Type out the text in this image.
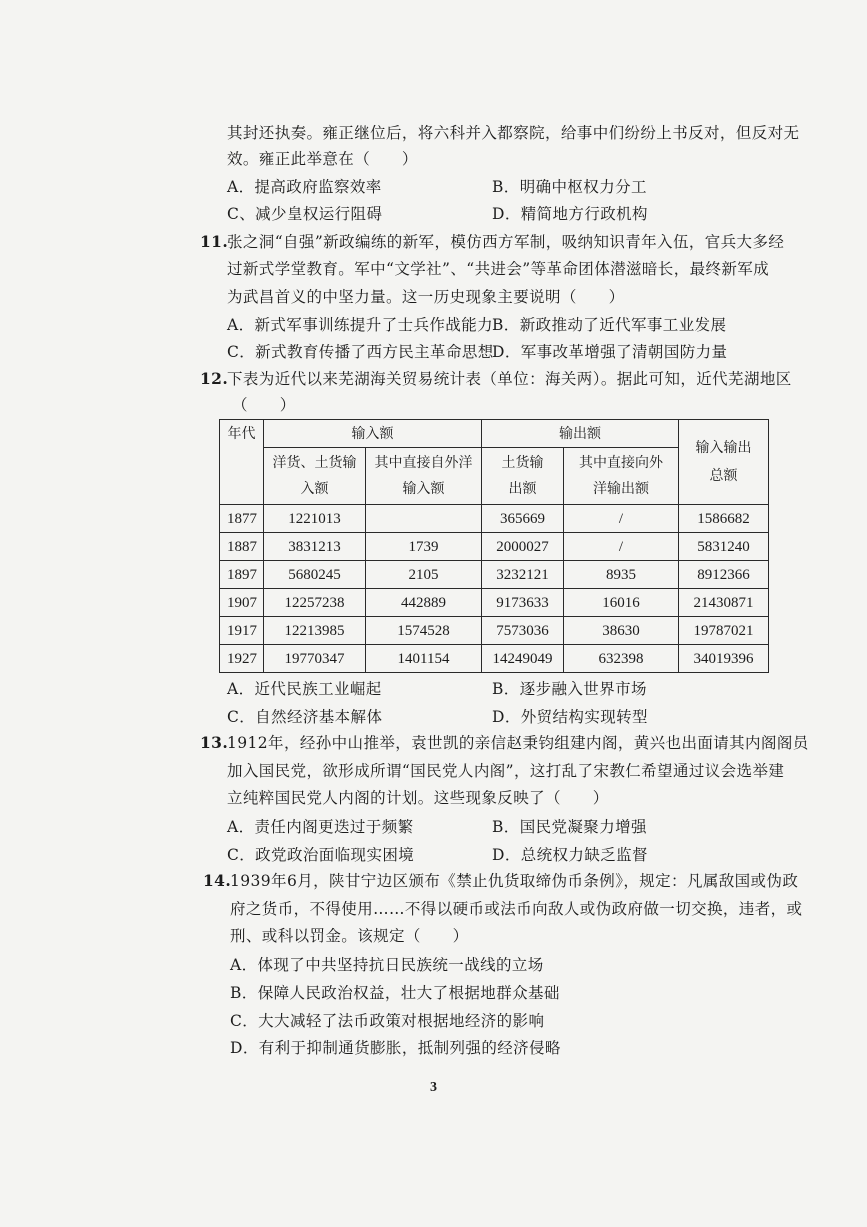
其封还执奏。雍正继位后，将六科并入都察院，给事中们纷纷上书反对，但反对无
效。雍正此举意在（　　）
A．提高政府监察效率	B．明确中枢权力分工
C、减少皇权运行阻碍	D．精简地方行政机构
11.
张之洞“自强”新政编练的新军，模仿西方军制，吸纳知识青年入伍，官兵大多经
过新式学堂教育。军中“文学社”、“共进会”等革命团体潜滋暗长，最终新军成
为武昌首义的中坚力量。这一历史现象主要说明（　　）
A．新式军事训练提升了士兵作战能力 B．新政推动了近代军事工业发展
C．新式教育传播了西方民主革命思想
D．军事改革增强了清朝国防力量
12.
下表为近代以来芜湖海关贸易统计表（单位：海关两）。据此可知，近代芜湖地区
（　　）
年代	输入额		输出额		输入输出总额
	洋货、土货输入额	其中直接自外洋输入额	土货输出额	其中直接向外洋输出额	
1877	1221013		365669	/	1586682
1887	3831213	1739	2000027	/	5831240
1897	5680245	2105	3232121	8935	8912366
1907	12257238	442889	9173633	16016	21430871
1917	12213985	1574528	7573036	38630	19787021
1927	19770347	1401154	14249049	632398	34019396
A．近代民族工业崛起	B．逐步融入世界市场
C．自然经济基本解体	D．外贸结构实现转型
13.
1912年，经孙中山推举，袁世凯的亲信赵秉钧组建内阁，黄兴也出面请其内阁阁员
加入国民党，欲形成所谓“国民党人内阁”，这打乱了宋教仁希望通过议会选举建
立纯粹国民党人内阁的计划。这些现象反映了（　　）
A．责任内阁更迭过于频繁	B．国民党凝聚力增强
C．政党政治面临现实困境	D．总统权力缺乏监督
14.
1939年6月，陕甘宁边区颁布《禁止仇货取缔伪币条例》，规定：凡属敌国或伪政
府之货币，不得使用……不得以硬币或法币向敌人或伪政府做一切交换，违者，或
刑、或科以罚金。该规定（　　）
A．体现了中共坚持抗日民族统一战线的立场
B．保障人民政治权益，壮大了根据地群众基础
C．大大减轻了法币政策对根据地经济的影响
D．有利于抑制通货膨胀，抵制列强的经济侵略
3
